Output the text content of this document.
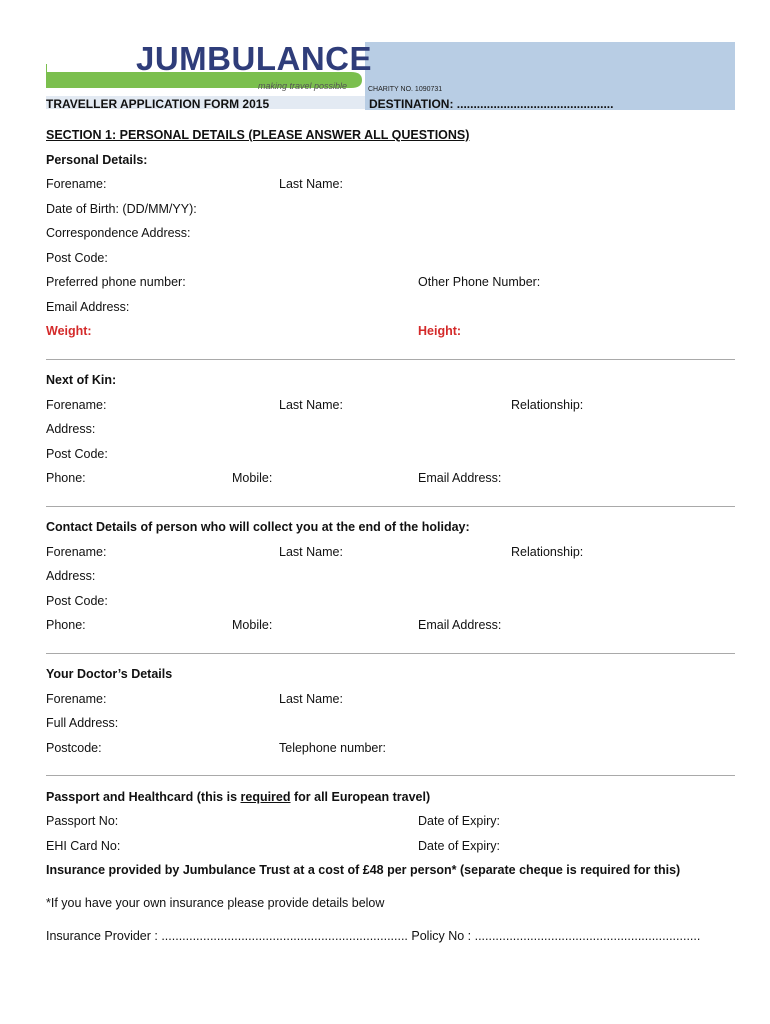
JUMBULANCE
making travel possible	CHARITY NO. 1090731
TRAVELLER APPLICATION FORM 2015	DESTINATION: ...............................................
SECTION 1: PERSONAL DETAILS (PLEASE ANSWER ALL QUESTIONS)
Personal Details:
Forename:	Last Name:
Date of Birth: (DD/MM/YY):
Correspondence Address:
Post Code:
Preferred phone number:	Other Phone Number:
Email Address:
Weight:	Height:
Next of Kin:
Forename:	Last Name:	Relationship:
Address:
Post Code:
Phone:	Mobile:	Email Address:
Contact Details of person who will collect you at the end of the holiday:
Forename:	Last Name:	Relationship:
Address:
Post Code:
Phone:	Mobile:	Email Address:
Your Doctor’s Details
Forename:	Last Name:
Full Address:
Postcode:	Telephone number:
Passport and Healthcard (this is required for all European travel)
Passport No:	Date of Expiry:
EHI Card No:	Date of Expiry:
Insurance provided by Jumbulance Trust at a cost of £48 per person* (separate cheque is required for this)
*If you have your own insurance please provide details below
Insurance Provider : ....................................................................... Policy No : .................................................................
